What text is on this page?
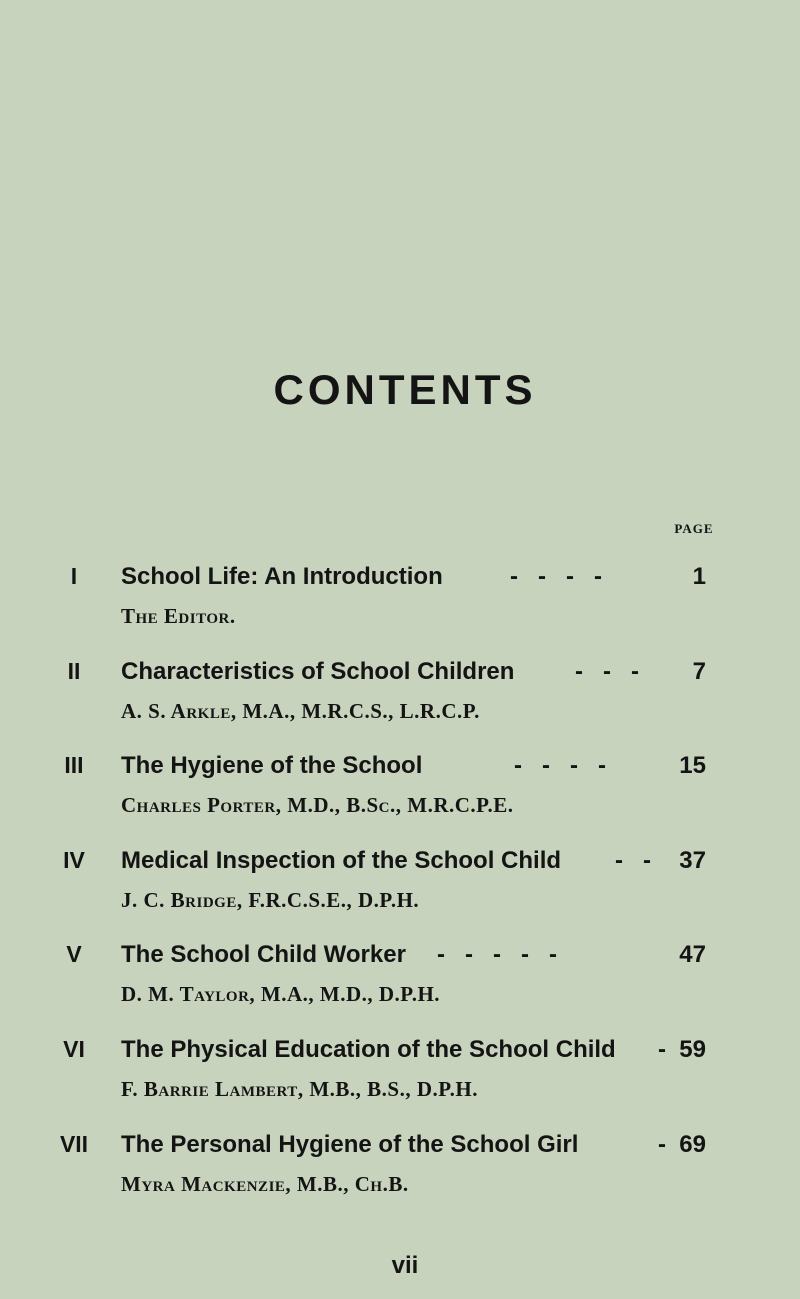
CONTENTS
PAGE
I	School Life: An Introduction	-   -   -   -	1
The Editor.
II	Characteristics of School Children	-   -   - 7
A. S. Arkle, M.A., M.R.C.S., L.R.C.P.
III	The Hygiene of the School	-   -   -   -	15
Charles Porter, M.D., B.Sc., M.R.C.P.E.
IV	Medical Inspection of the School Child -   - 37
J. C. Bridge, F.R.C.S.E., D.P.H.
V	The School Child Worker -   -   -   -   -	47
D. M. Taylor, M.A., M.D., D.P.H.
VI	The Physical Education of the School Child - 59
F. Barrie Lambert, M.B., B.S., D.P.H.
VII	The Personal Hygiene of the School Girl	- 69
Myra Mackenzie, M.B., Ch.B.
vii
